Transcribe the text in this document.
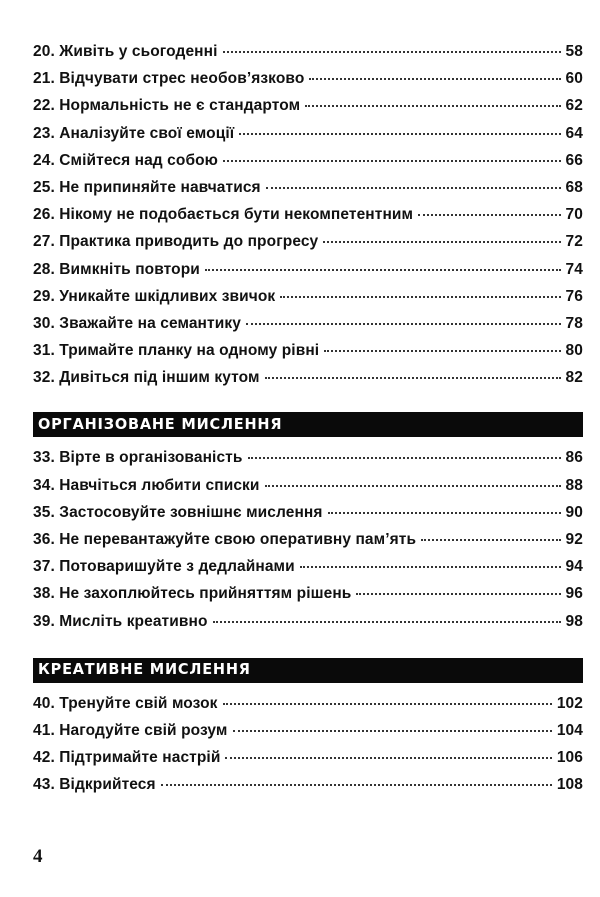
20. Живіть у сьогоденні	58
21. Відчувати стрес необов’язково	60
22. Нормальність не є стандартом	62
23. Аналізуйте свої емоції	64
24. Смійтеся над собою	66
25. Не припиняйте навчатися	68
26. Нікому не подобається бути некомпетентним	70
27. Практика приводить до прогресу	72
28. Вимкніть повтори	74
29. Уникайте шкідливих звичок	76
30. Зважайте на семантику	78
31. Тримайте планку на одному рівні	80
32. Дивіться під іншим кутом	82
ОРГАНІЗОВАНЕ МИСЛЕННЯ
33. Вірте в організованість	86
34. Навчіться любити списки	88
35. Застосовуйте зовнішнє мислення	90
36. Не перевантажуйте свою оперативну пам’ять	92
37. Потоваришуйте з дедлайнами	94
38. Не захоплюйтесь прийняттям рішень	96
39. Мисліть креативно	98
КРЕАТИВНЕ МИСЛЕННЯ
40. Тренуйте свій мозок	102
41. Нагодуйте свій розум	104
42. Підтримайте настрій	106
43. Відкрийтеся	108
4
